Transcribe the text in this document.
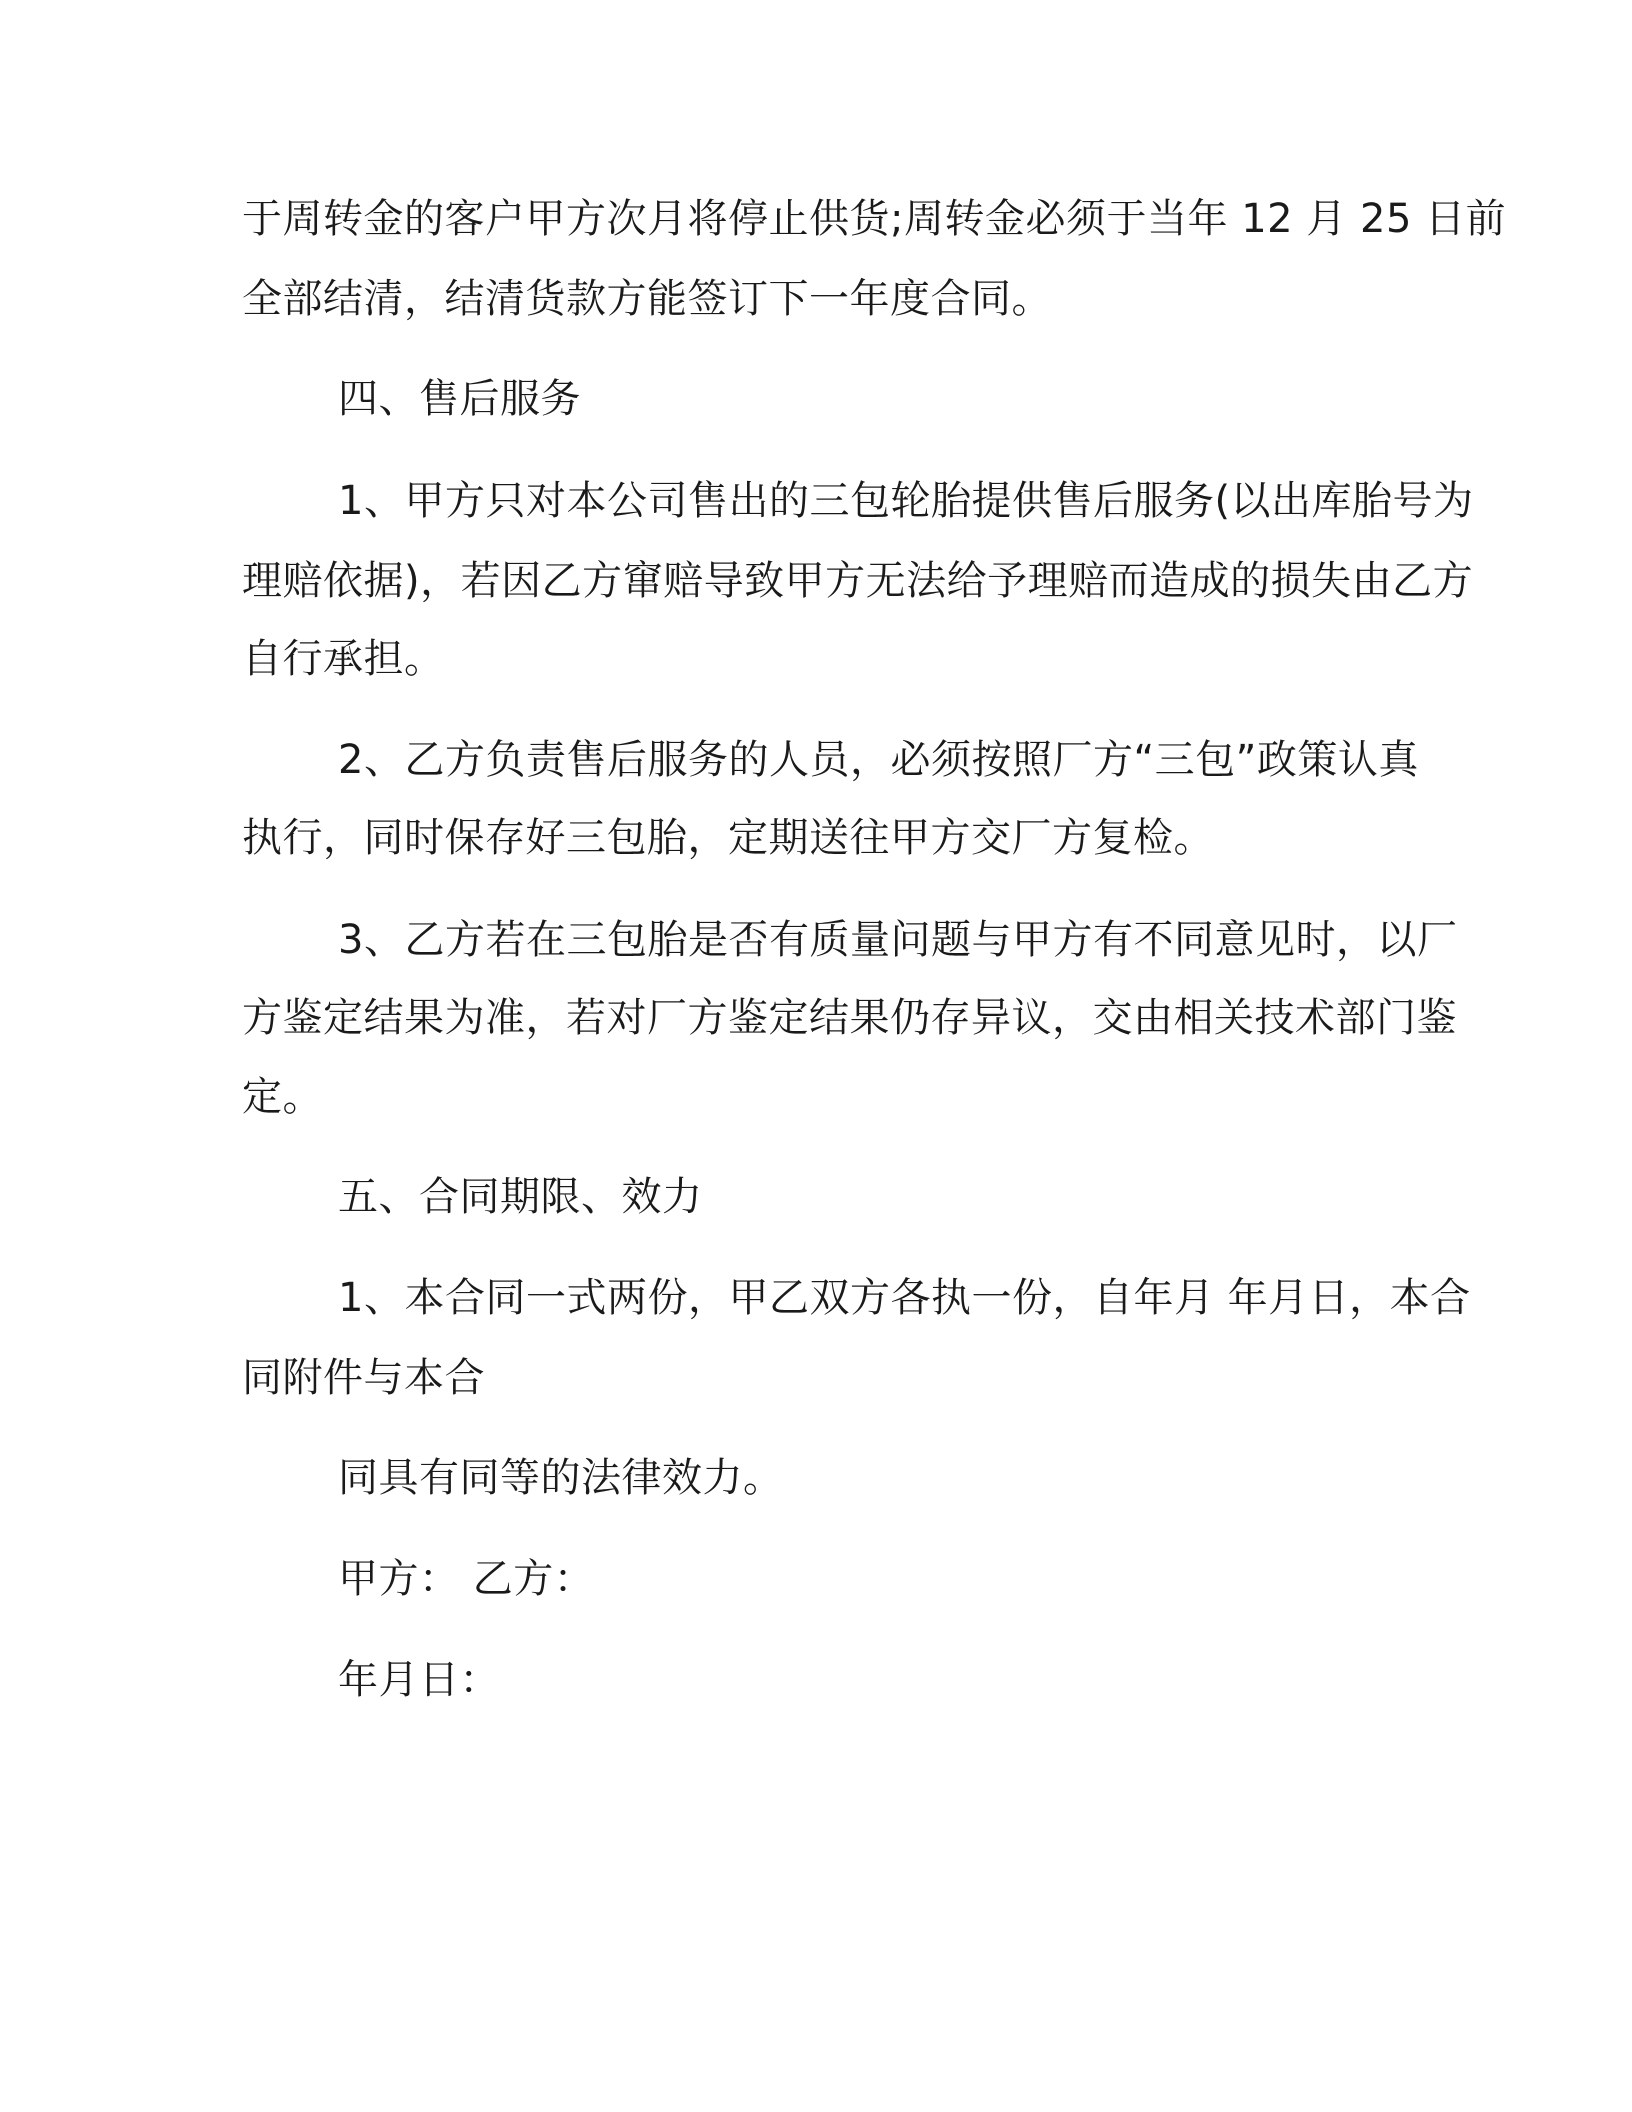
于周转金的客户甲方次月将停止供货;周转金必须于当年 12 月 25 日前

全部结清，结清货款方能签订下一年度合同。

四、售后服务

1、甲方只对本公司售出的三包轮胎提供售后服务(以出库胎号为

理赔依据)，若因乙方窜赔导致甲方无法给予理赔而造成的损失由乙方

自行承担。

2、乙方负责售后服务的人员，必须按照厂方“三包”政策认真

执行，同时保存好三包胎，定期送往甲方交厂方复检。

3、乙方若在三包胎是否有质量问题与甲方有不同意见时，以厂

方鉴定结果为准，若对厂方鉴定结果仍存异议，交由相关技术部门鉴

定。

五、合同期限、效力

1、本合同一式两份，甲乙双方各执一份，自年月 年月日，本合

同附件与本合

同具有同等的法律效力。

甲方： 乙方：

年月日：
